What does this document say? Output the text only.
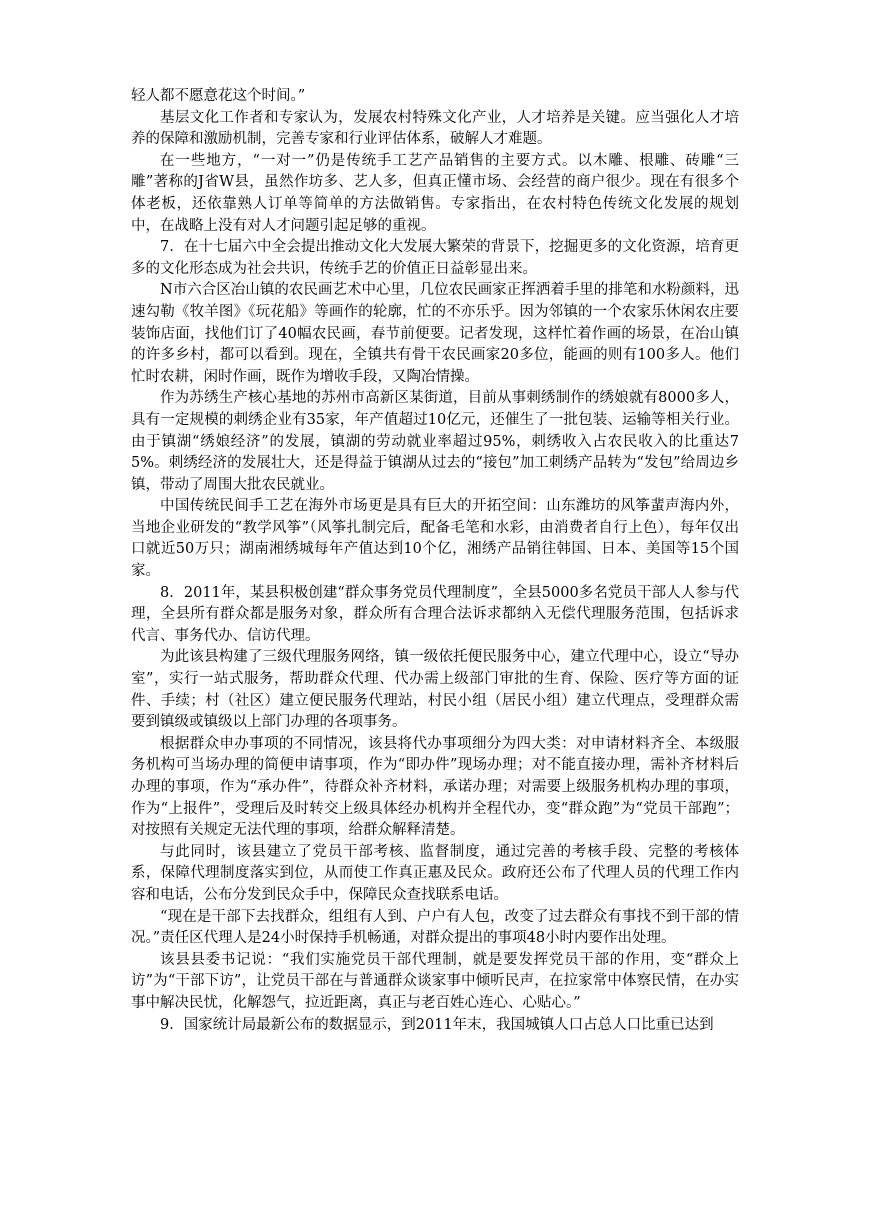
轻人都不愿意花这个时间。”

基层文化工作者和专家认为，发展农村特殊文化产业，人才培养是关键。应当强化人才培养的保障和激励机制，完善专家和行业评估体系，破解人才难题。

在一些地方，“一对一”仍是传统手工艺产品销售的主要方式。以木雕、根雕、砖雕“三雕”著称的J省W县，虽然作坊多、艺人多，但真正懂市场、会经营的商户很少。现在有很多个体老板，还依靠熟人订单等简单的方法做销售。专家指出，在农村特色传统文化发展的规划中，在战略上没有对人才问题引起足够的重视。

7．在十七届六中全会提出推动文化大发展大繁荣的背景下，挖掘更多的文化资源，培育更多的文化形态成为社会共识，传统手艺的价值正日益彰显出来。

N市六合区冶山镇的农民画艺术中心里，几位农民画家正挥洒着手里的排笔和水粉颜料，迅速勾勒《牧羊图》《玩花船》等画作的轮廓，忙的不亦乐乎。因为邻镇的一个农家乐休闲农庄要装饰店面，找他们订了40幅农民画，春节前便要。记者发现，这样忙着作画的场景，在冶山镇的许多乡村，都可以看到。现在，全镇共有骨干农民画家20多位，能画的则有100多人。他们忙时农耕，闲时作画，既作为增收手段，又陶冶情操。

作为苏绣生产核心基地的苏州市高新区某街道，目前从事刺绣制作的绣娘就有8000多人，具有一定规模的刺绣企业有35家，年产值超过10亿元，还催生了一批包装、运输等相关行业。由于镇湖“绣娘经济”的发展，镇湖的劳动就业率超过95%，刺绣收入占农民收入的比重达75%。刺绣经济的发展壮大，还是得益于镇湖从过去的“接包”加工刺绣产品转为“发包”给周边乡镇，带动了周围大批农民就业。

中国传统民间手工艺在海外市场更是具有巨大的开拓空间：山东潍坊的风筝蜚声海内外，当地企业研发的“教学风筝”（风筝扎制完后，配备毛笔和水彩，由消费者自行上色），每年仅出口就近50万只；湖南湘绣城每年产值达到10个亿，湘绣产品销往韩国、日本、美国等15个国家。

8．2011年，某县积极创建“群众事务党员代理制度”，全县5000多名党员干部人人参与代理，全县所有群众都是服务对象，群众所有合理合法诉求都纳入无偿代理服务范围，包括诉求代言、事务代办、信访代理。

为此该县构建了三级代理服务网络，镇一级依托便民服务中心，建立代理中心，设立“导办室”，实行一站式服务，帮助群众代理、代办需上级部门审批的生育、保险、医疗等方面的证件、手续；村（社区）建立便民服务代理站，村民小组（居民小组）建立代理点，受理群众需要到镇级或镇级以上部门办理的各项事务。

根据群众申办事项的不同情况，该县将代办事项细分为四大类：对申请材料齐全、本级服务机构可当场办理的简便申请事项，作为“即办件”现场办理；对不能直接办理，需补齐材料后办理的事项，作为“承办件”，待群众补齐材料，承诺办理；对需要上级服务机构办理的事项，作为“上报件”，受理后及时转交上级具体经办机构并全程代办，变“群众跑”为“党员干部跑”；对按照有关规定无法代理的事项，给群众解释清楚。

与此同时，该县建立了党员干部考核、监督制度，通过完善的考核手段、完整的考核体系，保障代理制度落实到位，从而使工作真正惠及民众。政府还公布了代理人员的代理工作内容和电话，公布分发到民众手中，保障民众查找联系电话。

“现在是干部下去找群众，组组有人到、户户有人包，改变了过去群众有事找不到干部的情况。”责任区代理人是24小时保持手机畅通，对群众提出的事项48小时内要作出处理。

该县县委书记说：“我们实施党员干部代理制，就是要发挥党员干部的作用，变“群众上访”为“干部下访”，让党员干部在与普通群众谈家事中倾听民声，在拉家常中体察民情，在办实事中解决民忧，化解怨气，拉近距离，真正与老百姓心连心、心贴心。”

9．国家统计局最新公布的数据显示，到2011年末，我国城镇人口占总人口比重已达到
